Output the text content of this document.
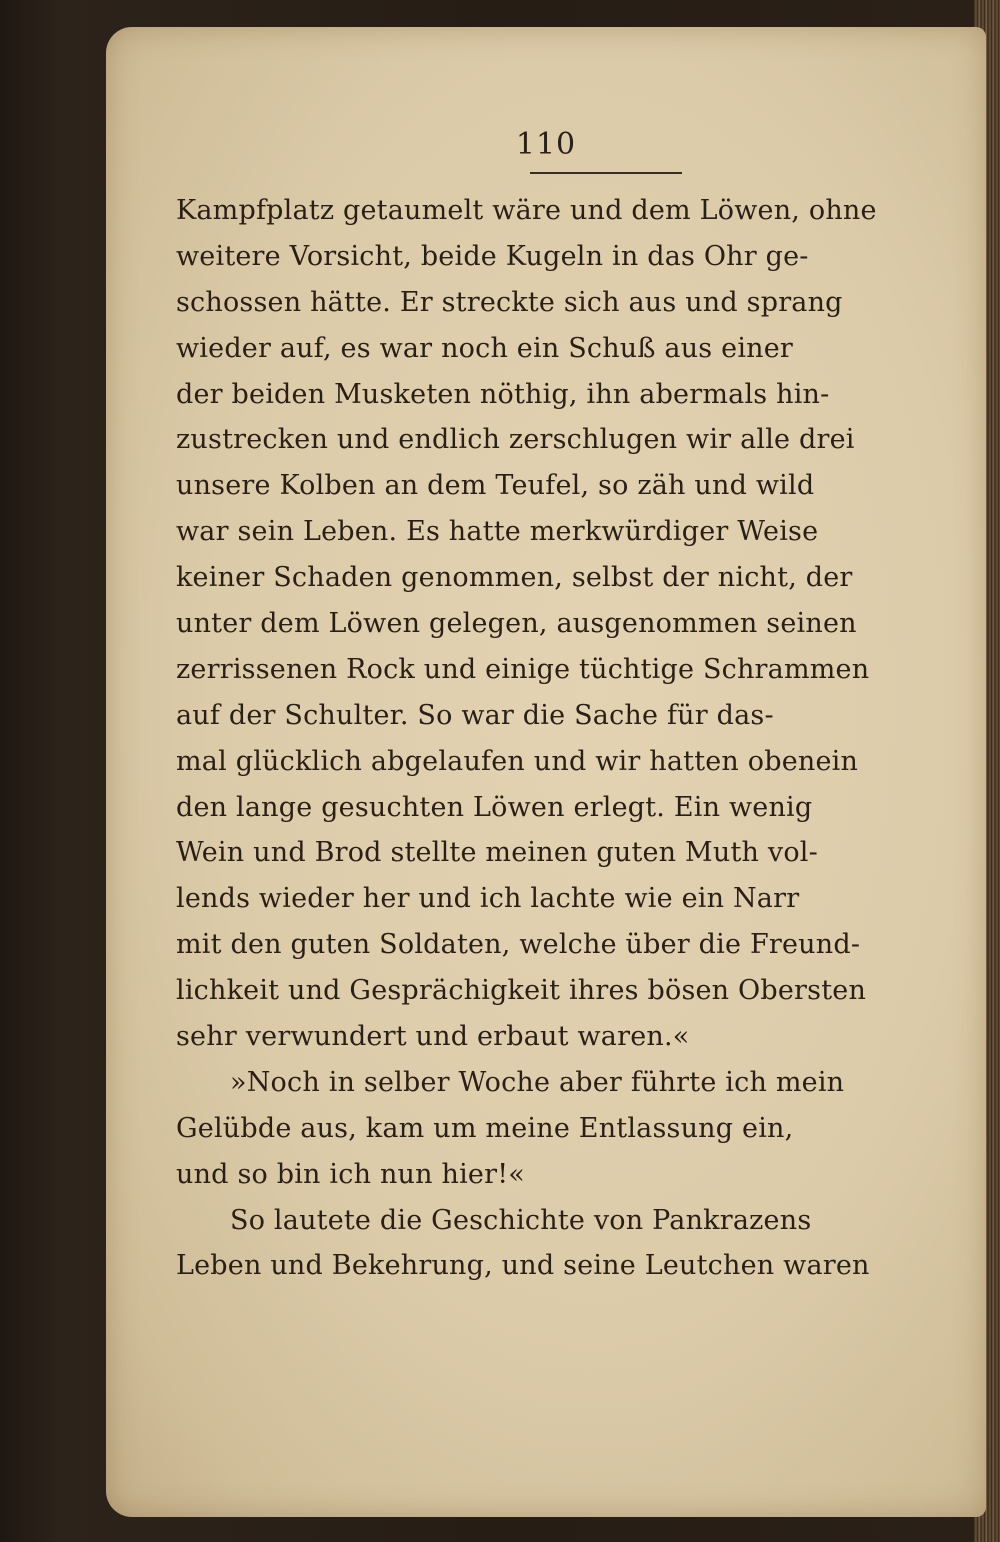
110
Kampfplatz getaumelt wäre und dem Löwen, ohne
weitere Vorsicht, beide Kugeln in das Ohr ge-
schossen hätte. Er streckte sich aus und sprang
wieder auf, es war noch ein Schuß aus einer
der beiden Musketen nöthig, ihn abermals hin-
zustrecken und endlich zerschlugen wir alle drei
unsere Kolben an dem Teufel, so zäh und wild
war sein Leben. Es hatte merkwürdiger Weise
keiner Schaden genommen, selbst der nicht, der
unter dem Löwen gelegen, ausgenommen seinen
zerrissenen Rock und einige tüchtige Schrammen
auf der Schulter. So war die Sache für das-
mal glücklich abgelaufen und wir hatten obenein
den lange gesuchten Löwen erlegt. Ein wenig
Wein und Brod stellte meinen guten Muth vol-
lends wieder her und ich lachte wie ein Narr
mit den guten Soldaten, welche über die Freund-
lichkeit und Gesprächigkeit ihres bösen Obersten
sehr verwundert und erbaut waren.«
»Noch in selber Woche aber führte ich mein
Gelübde aus, kam um meine Entlassung ein,
und so bin ich nun hier!«
So lautete die Geschichte von Pankrazens
Leben und Bekehrung, und seine Leutchen waren
